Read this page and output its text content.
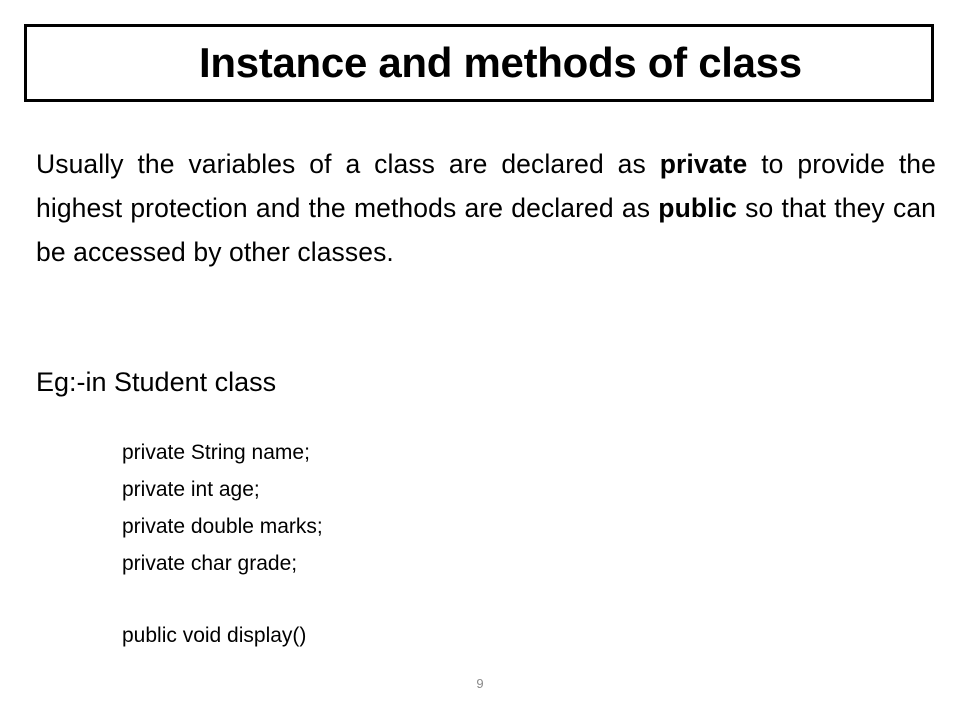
Instance and methods of class
Usually the variables of a class are declared as private to provide the highest protection and the methods are declared as public so that they can be accessed by other classes.
Eg:-in Student class
private String name;
private int age;
private double marks;
private char grade;
public void display()
9
